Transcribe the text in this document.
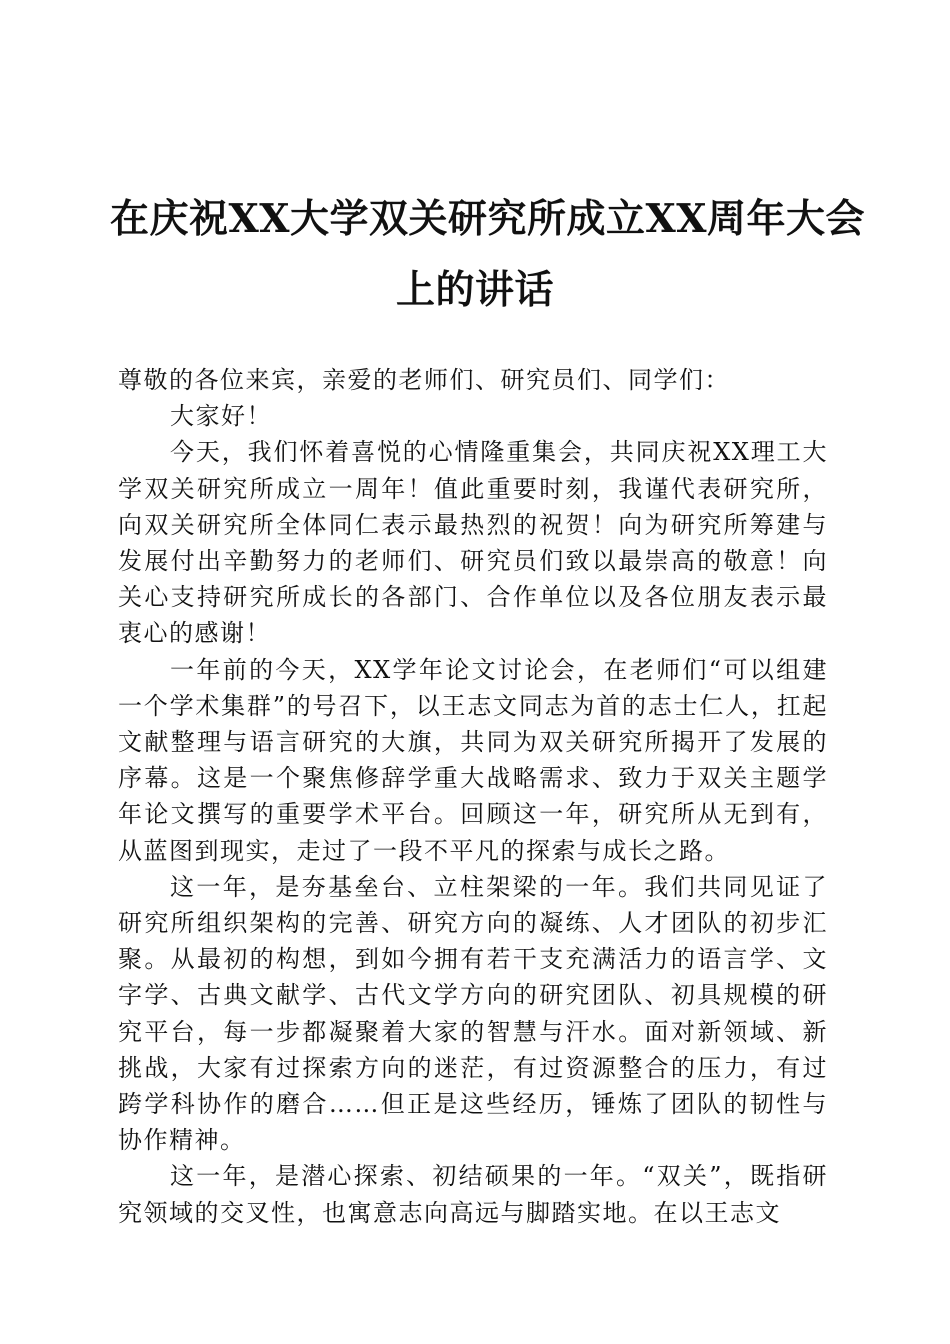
在庆祝XX大学双关研究所成立XX周年大会
上的讲话

尊敬的各位来宾，亲爱的老师们、研究员们、同学们：

大家好！

今天，我们怀着喜悦的心情隆重集会，共同庆祝XX理工大学双关研究所成立一周年！值此重要时刻，我谨代表研究所，向双关研究所全体同仁表示最热烈的祝贺！向为研究所筹建与发展付出辛勤努力的老师们、研究员们致以最崇高的敬意！向关心支持研究所成长的各部门、合作单位以及各位朋友表示最衷心的感谢！

一年前的今天，XX学年论文讨论会，在老师们“可以组建一个学术集群”的号召下，以王志文同志为首的志士仁人，扛起文献整理与语言研究的大旗，共同为双关研究所揭开了发展的序幕。这是一个聚焦修辞学重大战略需求、致力于双关主题学年论文撰写的重要学术平台。回顾这一年，研究所从无到有，从蓝图到现实，走过了一段不平凡的探索与成长之路。

这一年，是夯基垒台、立柱架梁的一年。我们共同见证了研究所组织架构的完善、研究方向的凝练、人才团队的初步汇聚。从最初的构想，到如今拥有若干支充满活力的语言学、文字学、古典文献学、古代文学方向的研究团队、初具规模的研究平台，每一步都凝聚着大家的智慧与汗水。面对新领域、新挑战，大家有过探索方向的迷茫，有过资源整合的压力，有过跨学科协作的磨合……但正是这些经历，锤炼了团队的韧性与协作精神。

这一年，是潜心探索、初结硕果的一年。“双关”，既指研究领域的交叉性，也寓意志向高远与脚踏实地。在以王志文
